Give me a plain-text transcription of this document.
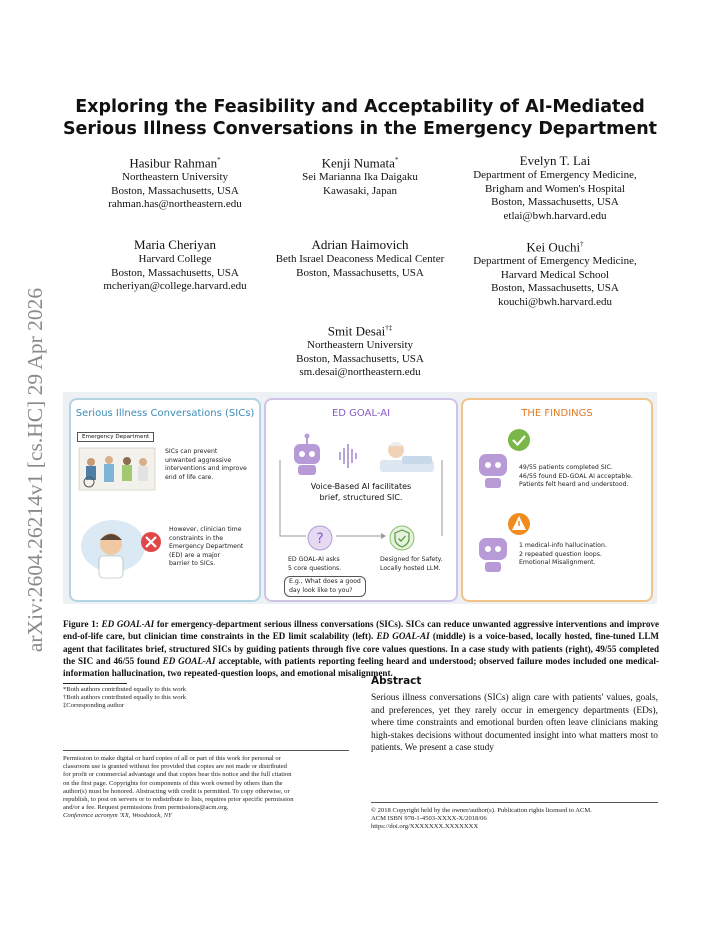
arXiv:2604.26214v1 [cs.HC] 29 Apr 2026
Exploring the Feasibility and Acceptability of AI-Mediated
Serious Illness Conversations in the Emergency Department
Hasibur Rahman*
Northeastern University
Boston, Massachusetts, USA
rahman.has@northeastern.edu
Kenji Numata*
Sei Marianna Ika Daigaku
Kawasaki, Japan
Evelyn T. Lai
Department of Emergency Medicine,
Brigham and Women's Hospital
Boston, Massachusetts, USA
etlai@bwh.harvard.edu
Maria Cheriyan
Harvard College
Boston, Massachusetts, USA
mcheriyan@college.harvard.edu
Adrian Haimovich
Beth Israel Deaconess Medical Center
Boston, Massachusetts, USA
Kei Ouchi†
Department of Emergency Medicine,
Harvard Medical School
Boston, Massachusetts, USA
kouchi@bwh.harvard.edu
Smit Desai†‡
Northeastern University
Boston, Massachusetts, USA
sm.desai@northeastern.edu
Serious Illness Conversations (SICs)
Emergency Department
SICs can prevent
unwanted aggressive
interventions and improve
end of life care.
However, clinician time
constraints in the
Emergency Department
(ED) are a major
barrier to SICs.
ED GOAL-AI
Voice-Based AI facilitates
brief, structured SIC.
?
ED GOAL-AI asks
5 core questions.
E.g., What does a good
day look like to you?
Designed for Safety.
Locally hosted LLM.
THE FINDINGS
49/55 patients completed SIC.
46/55 found ED-GOAL AI acceptable.
Patients felt heard and understood.
1 medical-info hallucination.
2 repeated question loops.
Emotional Misalignment.
Figure 1: ED GOAL-AI for emergency-department serious illness conversations (SICs). SICs can reduce unwanted aggressive interventions and improve end-of-life care, but clinician time constraints in the ED limit scalability (left). ED GOAL-AI (middle) is a voice-based, locally hosted, fine-tuned LLM agent that facilitates brief, structured SICs by guiding patients through five core values questions. In a case study with patients (right), 49/55 completed the SIC and 46/55 found ED GOAL-AI acceptable, with patients reporting feeling heard and understood; observed failure modes included one medical-information hallucination, two repeated-question loops, and emotional misalignment.
*Both authors contributed equally to this work
†Both authors contributed equally to this work
‡Corresponding author
Permission to make digital or hard copies of all or part of this work for personal or
classroom use is granted without fee provided that copies are not made or distributed
for profit or commercial advantage and that copies bear this notice and the full citation
on the first page. Copyrights for components of this work owned by others than the
author(s) must be honored. Abstracting with credit is permitted. To copy otherwise, or
republish, to post on servers or to redistribute to lists, requires prior specific permission
and/or a fee. Request permissions from permissions@acm.org.
Conference acronym 'XX, Woodstock, NY
Abstract
Serious illness conversations (SICs) align care with patients' values, goals, and preferences, yet they rarely occur in emergency departments (EDs), where time constraints and emotional burden often leave clinicians making high-stakes decisions without documented insight into what matters most to patients. We present a case study
© 2018 Copyright held by the owner/author(s). Publication rights licensed to ACM.
ACM ISBN 978-1-4503-XXXX-X/2018/06
https://doi.org/XXXXXXX.XXXXXXX
